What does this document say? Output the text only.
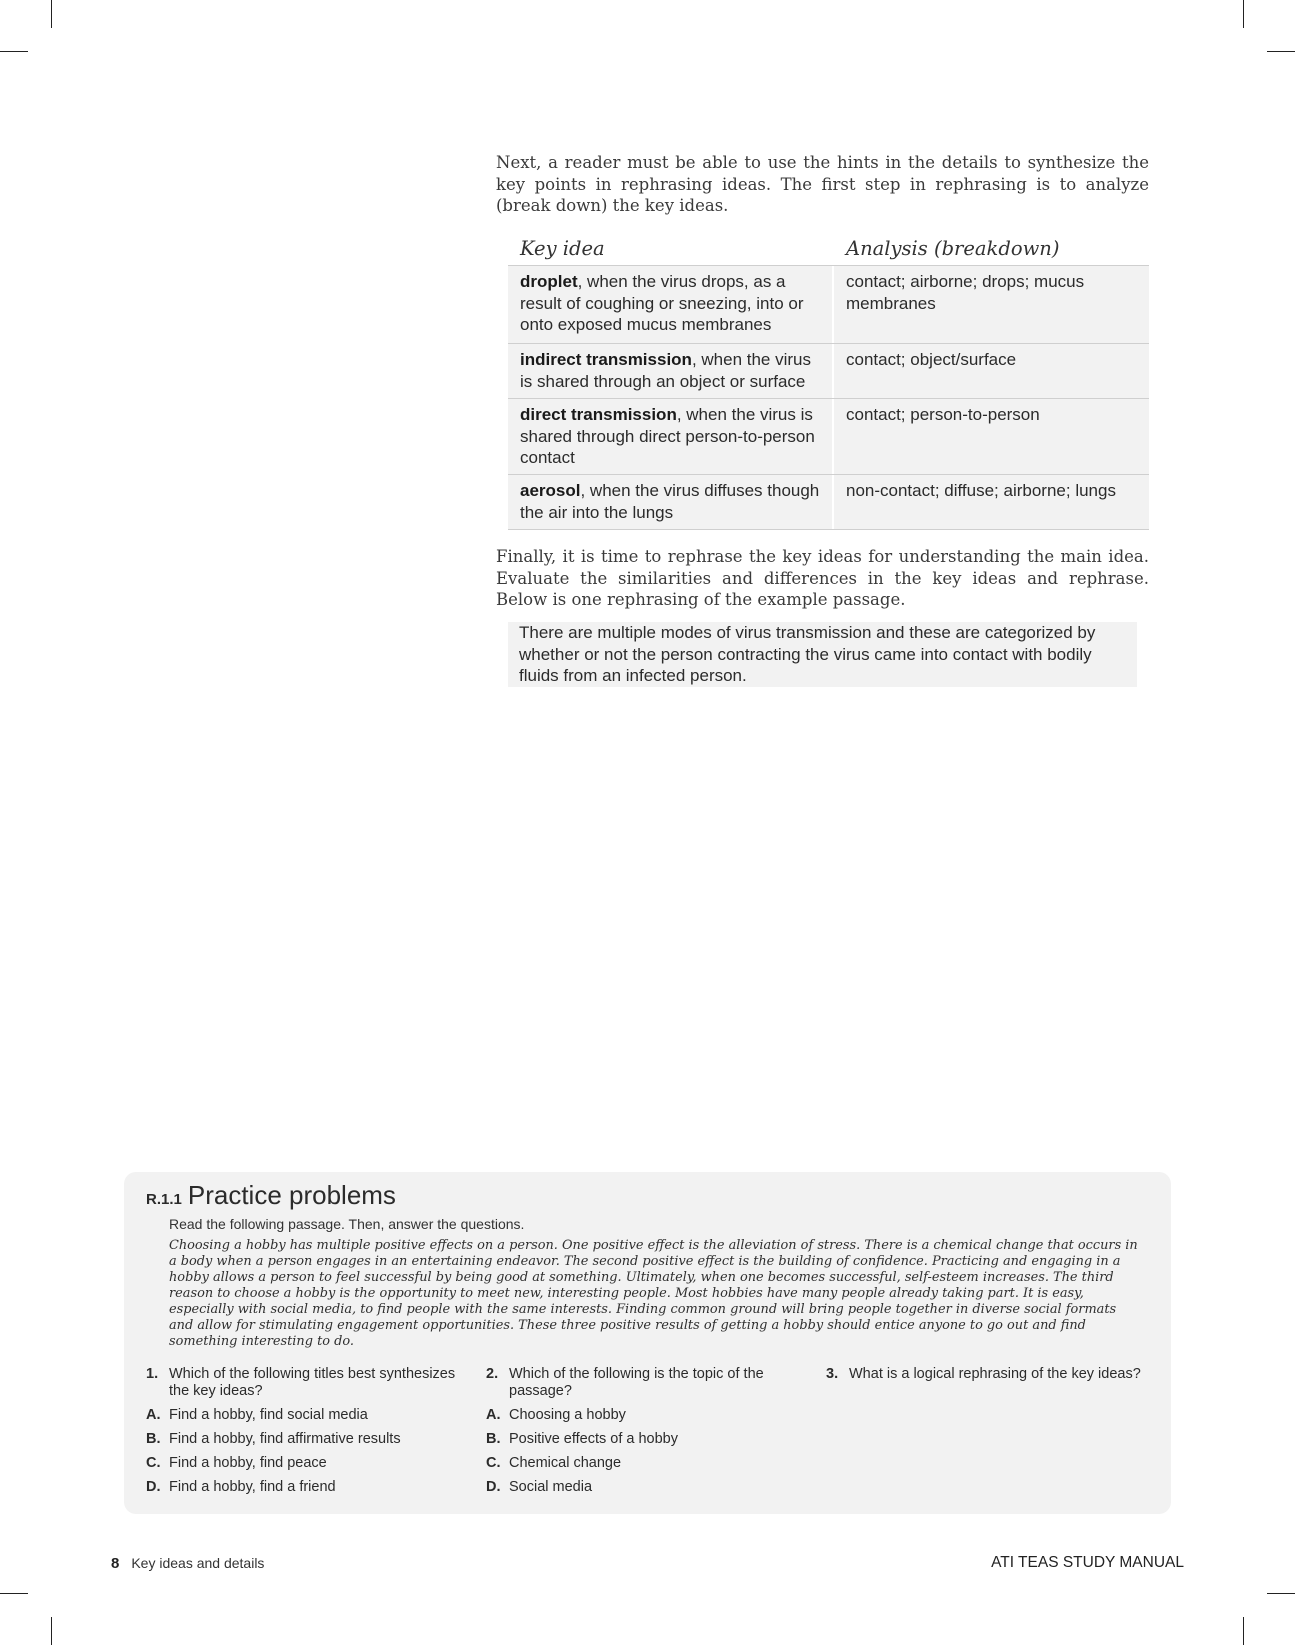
Next, a reader must be able to use the hints in the details to synthesize the key points in rephrasing ideas. The first step in rephrasing is to analyze (break down) the key ideas.

Key idea	Analysis (breakdown)
droplet, when the virus drops, as a result of coughing or sneezing, into or onto exposed mucus membranes
contact; airborne; drops; mucus membranes
indirect transmission, when the virus is shared through an object or surface
contact; object/surface
direct transmission, when the virus is shared through direct person-to-person contact
contact; person-to-person
aerosol, when the virus diffuses though the air into the lungs
non-contact; diffuse; airborne; lungs

Finally, it is time to rephrase the key ideas for understanding the main idea. Evaluate the similarities and differences in the key ideas and rephrase. Below is one rephrasing of the example passage.

There are multiple modes of virus transmission and these are categorized by whether or not the person contracting the virus came into contact with bodily fluids from an infected person.
R.1.1 Practice problems
Read the following passage. Then, answer the questions.

Choosing a hobby has multiple positive effects on a person. One positive effect is the alleviation of stress. There is a chemical change that occurs in a body when a person engages in an entertaining endeavor. The second positive effect is the building of confidence. Practicing and engaging in a hobby allows a person to feel successful by being good at something. Ultimately, when one becomes successful, self-esteem increases. The third reason to choose a hobby is the opportunity to meet new, interesting people. Most hobbies have many people already taking part. It is easy, especially with social media, to find people with the same interests. Finding common ground will bring people together in diverse social formats and allow for stimulating engagement opportunities. These three positive results of getting a hobby should entice anyone to go out and find something interesting to do.

1. Which of the following titles best synthesizes the key ideas?
A. Find a hobby, find social media
B. Find a hobby, find affirmative results
C. Find a hobby, find peace
D. Find a hobby, find a friend
2. Which of the following is the topic of the passage?
A. Choosing a hobby
B. Positive effects of a hobby
C. Chemical change
D. Social media
3. What is a logical rephrasing of the key ideas?
8 Key ideas and details	ATI TEAS STUDY MANUAL
